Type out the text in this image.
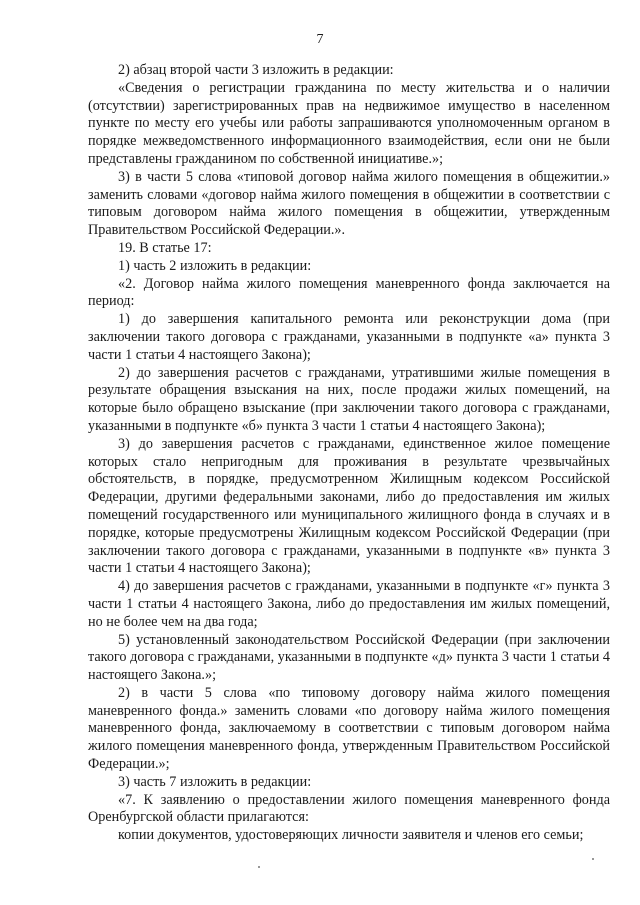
7

2) абзац второй части 3 изложить в редакции:

«Сведения о регистрации гражданина по месту жительства и о наличии (отсутствии) зарегистрированных прав на недвижимое имущество в населенном пункте по месту его учебы или работы запрашиваются уполномоченным органом в порядке межведомственного информационного взаимодействия, если они не были представлены гражданином по собственной инициативе.»;

3) в части 5 слова «типовой договор найма жилого помещения в общежитии.» заменить словами «договор найма жилого помещения в общежитии в соответствии с типовым договором найма жилого помещения в общежитии, утвержденным Правительством Российской Федерации.».

19. В статье 17:

1) часть 2 изложить в редакции:

«2. Договор найма жилого помещения маневренного фонда заключается на период:

1) до завершения капитального ремонта или реконструкции дома (при заключении такого договора с гражданами, указанными в подпункте «а» пункта 3 части 1 статьи 4 настоящего Закона);

2) до завершения расчетов с гражданами, утратившими жилые помещения в результате обращения взыскания на них, после продажи жилых помещений, на которые было обращено взыскание (при заключении такого договора с гражданами, указанными в подпункте «б» пункта 3 части 1 статьи 4 настоящего Закона);

3) до завершения расчетов с гражданами, единственное жилое помещение которых стало непригодным для проживания в результате чрезвычайных обстоятельств, в порядке, предусмотренном Жилищным кодексом Российской Федерации, другими федеральными законами, либо до предоставления им жилых помещений государственного или муниципального жилищного фонда в случаях и в порядке, которые предусмотрены Жилищным кодексом Российской Федерации (при заключении такого договора с гражданами, указанными в подпункте «в» пункта 3 части 1 статьи 4 настоящего Закона);

4) до завершения расчетов с гражданами, указанными в подпункте «г» пункта 3 части 1 статьи 4 настоящего Закона, либо до предоставления им жилых помещений, но не более чем на два года;

5) установленный законодательством Российской Федерации (при заключении такого договора с гражданами, указанными в подпункте «д» пункта 3 части 1 статьи 4 настоящего Закона.»;

2) в части 5 слова «по типовому договору найма жилого помещения маневренного фонда.» заменить словами «по договору найма жилого помещения маневренного фонда, заключаемому в соответствии с типовым договором найма жилого помещения маневренного фонда, утвержденным Правительством Российской Федерации.»;

3) часть 7 изложить в редакции:

«7. К заявлению о предоставлении жилого помещения маневренного фонда Оренбургской области прилагаются:

копии документов, удостоверяющих личности заявителя и членов его семьи;
